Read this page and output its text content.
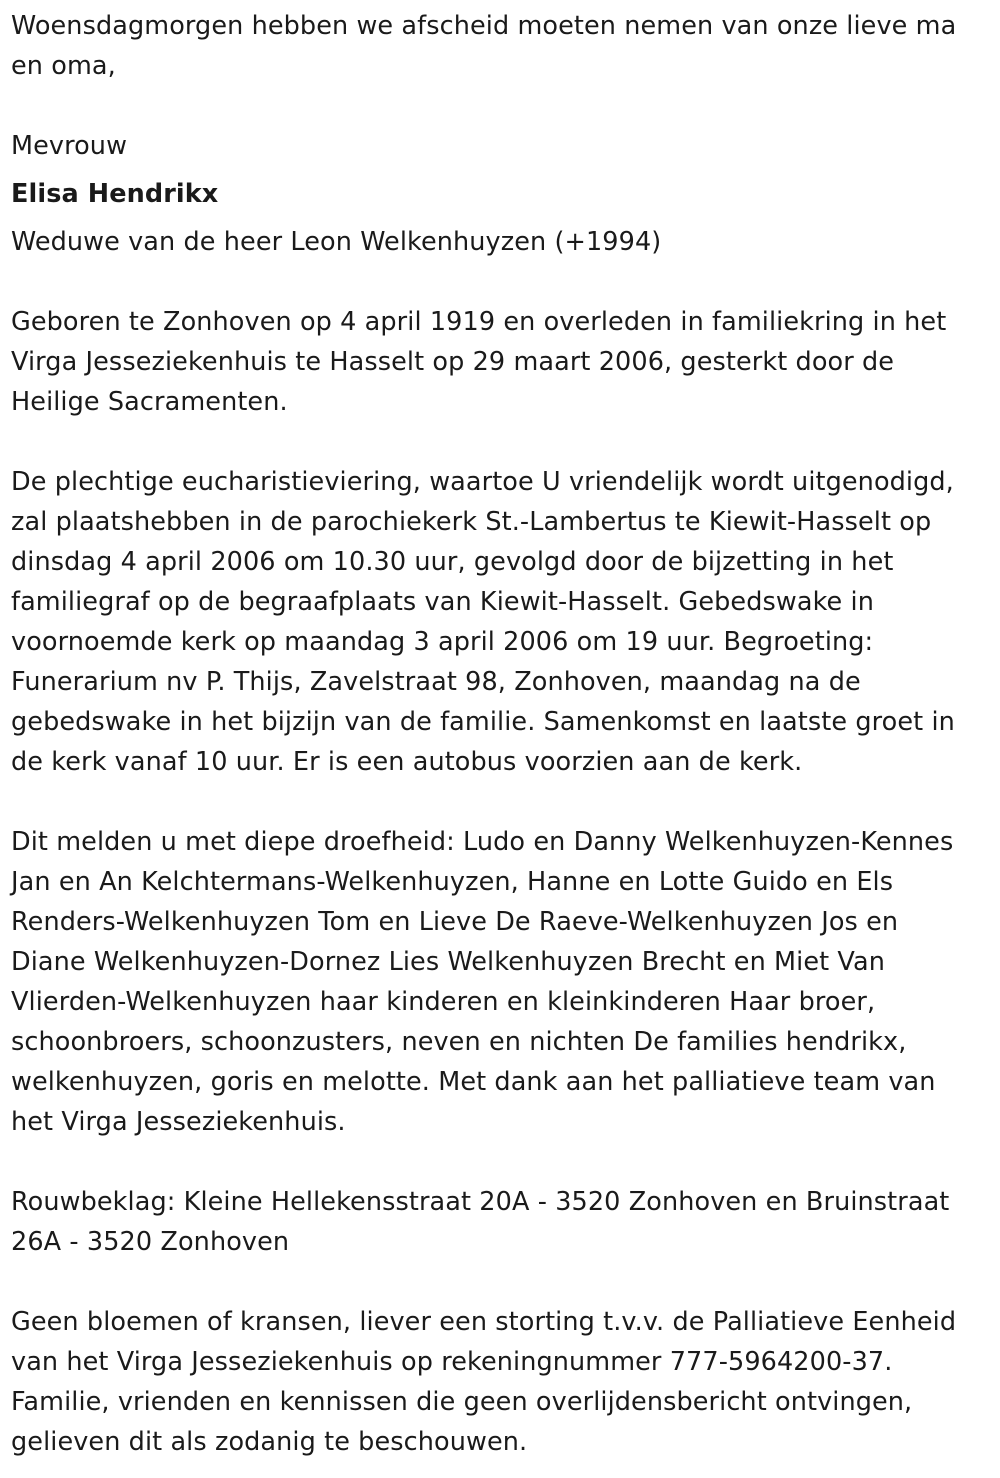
Woensdagmorgen hebben we afscheid moeten nemen van onze lieve ma
en oma,

Mevrouw

Elisa Hendrikx

Weduwe van de heer Leon Welkenhuyzen (+1994)

Geboren te Zonhoven op 4 april 1919 en overleden in familiekring in het
Virga Jesseziekenhuis te Hasselt op 29 maart 2006, gesterkt door de
Heilige Sacramenten.

De plechtige eucharistieviering, waartoe U vriendelijk wordt uitgenodigd,
zal plaatshebben in de parochiekerk St.-Lambertus te Kiewit-Hasselt op
dinsdag 4 april 2006 om 10.30 uur, gevolgd door de bijzetting in het
familiegraf op de begraafplaats van Kiewit-Hasselt. Gebedswake in
voornoemde kerk op maandag 3 april 2006 om 19 uur. Begroeting:
Funerarium nv P. Thijs, Zavelstraat 98, Zonhoven, maandag na de
gebedswake in het bijzijn van de familie. Samenkomst en laatste groet in
de kerk vanaf 10 uur. Er is een autobus voorzien aan de kerk.

Dit melden u met diepe droefheid: Ludo en Danny Welkenhuyzen-Kennes
Jan en An Kelchtermans-Welkenhuyzen, Hanne en Lotte Guido en Els
Renders-Welkenhuyzen Tom en Lieve De Raeve-Welkenhuyzen Jos en
Diane Welkenhuyzen-Dornez Lies Welkenhuyzen Brecht en Miet Van
Vlierden-Welkenhuyzen haar kinderen en kleinkinderen Haar broer,
schoonbroers, schoonzusters, neven en nichten De families hendrikx,
welkenhuyzen, goris en melotte. Met dank aan het palliatieve team van
het Virga Jesseziekenhuis.

Rouwbeklag: Kleine Hellekensstraat 20A - 3520 Zonhoven en Bruinstraat
26A - 3520 Zonhoven

Geen bloemen of kransen, liever een storting t.v.v. de Palliatieve Eenheid
van het Virga Jesseziekenhuis op rekeningnummer 777-5964200-37.
Familie, vrienden en kennissen die geen overlijdensbericht ontvingen,
gelieven dit als zodanig te beschouwen.
